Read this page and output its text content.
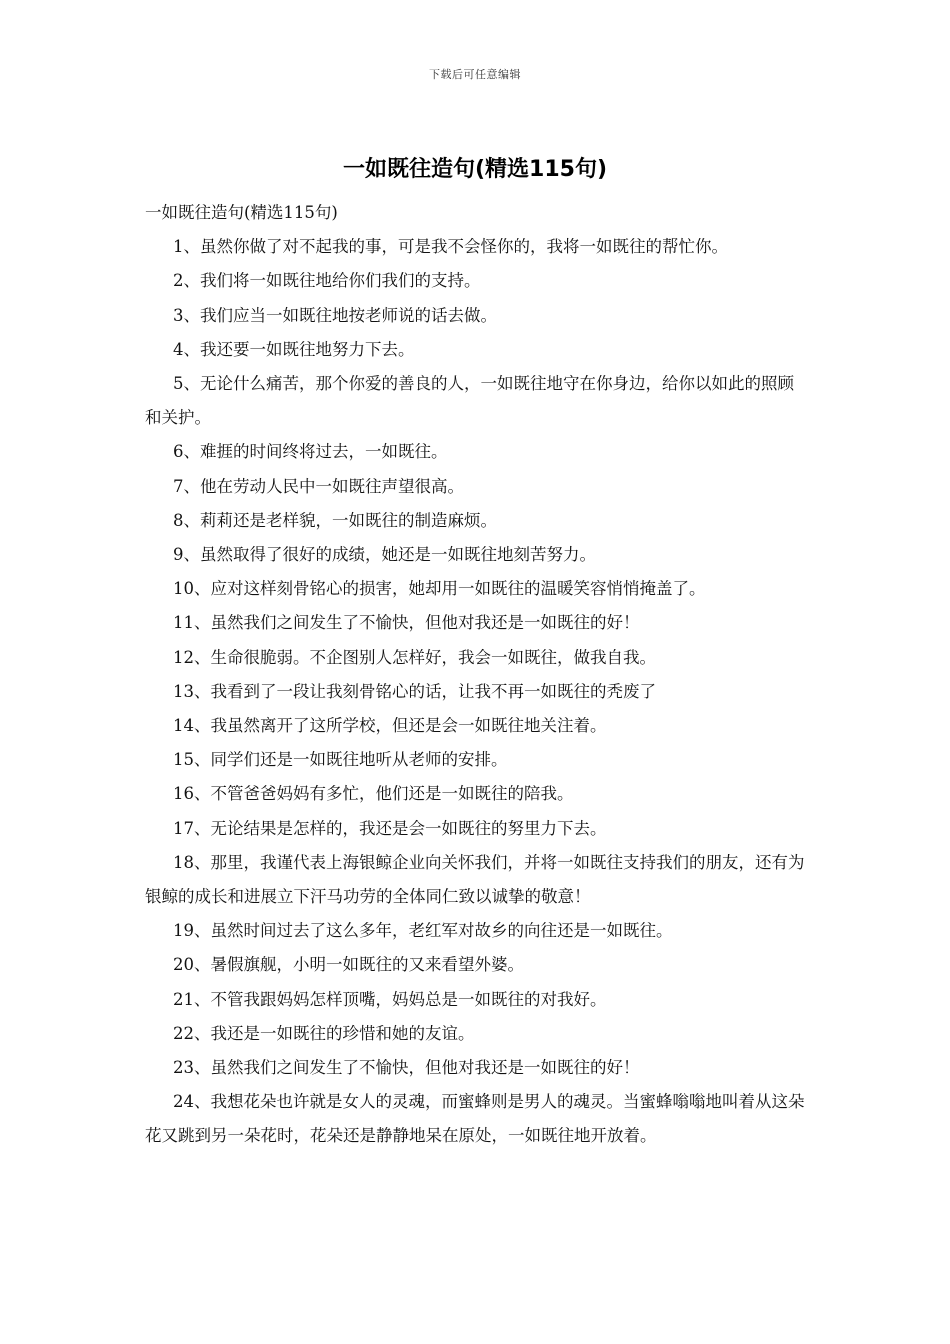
下载后可任意编辑
一如既往造句(精选115句)

一如既往造句(精选115句)

1、虽然你做了对不起我的事，可是我不会怪你的，我将一如既往的帮忙你。

2、我们将一如既往地给你们我们的支持。

3、我们应当一如既往地按老师说的话去做。

4、我还要一如既往地努力下去。

5、无论什么痛苦，那个你爱的善良的人，一如既往地守在你身边，给你以如此的照顾和关护。

6、难捱的时间终将过去，一如既往。

7、他在劳动人民中一如既往声望很高。

8、莉莉还是老样貌，一如既往的制造麻烦。

9、虽然取得了很好的成绩，她还是一如既往地刻苦努力。

10、应对这样刻骨铭心的损害，她却用一如既往的温暖笑容悄悄掩盖了。

11、虽然我们之间发生了不愉快，但他对我还是一如既往的好！

12、生命很脆弱。不企图别人怎样好，我会一如既往，做我自我。

13、我看到了一段让我刻骨铭心的话，让我不再一如既往的秃废了

14、我虽然离开了这所学校，但还是会一如既往地关注着。

15、同学们还是一如既往地听从老师的安排。

16、不管爸爸妈妈有多忙，他们还是一如既往的陪我。

17、无论结果是怎样的，我还是会一如既往的努里力下去。

18、那里，我谨代表上海银鲸企业向关怀我们，并将一如既往支持我们的朋友，还有为银鲸的成长和进展立下汗马功劳的全体同仁致以诚挚的敬意！

19、虽然时间过去了这么多年，老红军对故乡的向往还是一如既往。

20、暑假旗舰，小明一如既往的又来看望外婆。

21、不管我跟妈妈怎样顶嘴，妈妈总是一如既往的对我好。

22、我还是一如既往的珍惜和她的友谊。

23、虽然我们之间发生了不愉快，但他对我还是一如既往的好！

24、我想花朵也许就是女人的灵魂，而蜜蜂则是男人的魂灵。当蜜蜂嗡嗡地叫着从这朵花又跳到另一朵花时，花朵还是静静地呆在原处，一如既往地开放着。
